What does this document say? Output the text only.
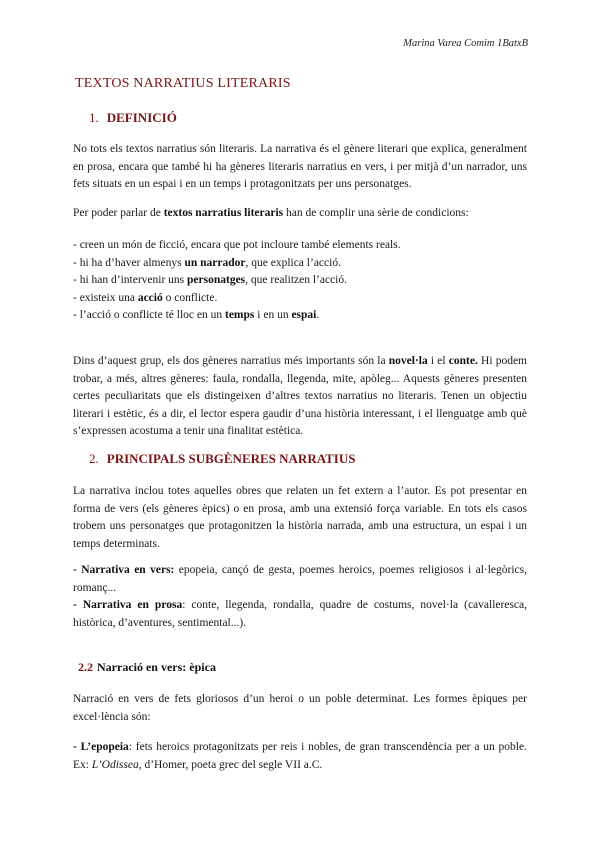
Marina Varea Comim 1BatxB
TEXTOS NARRATIUS LITERARIS
1. DEFINICIÓ
No tots els textos narratius són literaris. La narrativa és el gènere literari que explica, generalment en prosa, encara que també hi ha gèneres literaris narratius en vers, i per mitjà d’un narrador, uns fets situats en un espai i en un temps i protagonitzats per uns personatges.
Per poder parlar de textos narratius literaris han de complir una sèrie de condicions:
- creen un món de ficció, encara que pot incloure també elements reals.
- hi ha d’haver almenys un narrador, que explica l’acció.
- hi han d’intervenir uns personatges, que realitzen l’acció.
- existeix una acció o conflicte.
- l’acció o conflicte té lloc en un temps i en un espai.
Dins d’aquest grup, els dos gèneres narratius més importants són la novel·la i el conte. Hi podem trobar, a més, altres gèneres: faula, rondalla, llegenda, mite, apòleg... Aquests gèneres presenten certes peculiaritats que els distingeixen d’altres textos narratius no literaris. Tenen un objectiu literari i estètic, és a dir, el lector espera gaudir d’una història interessant, i el llenguatge amb què s’expressen acostuma a tenir una finalitat estètica.
2. PRINCIPALS SUBGÈNERES NARRATIUS
La narrativa inclou totes aquelles obres que relaten un fet extern a l’autor. Es pot presentar en forma de vers (els gèneres èpics) o en prosa, amb una extensió força variable. En tots els casos trobem uns personatges que protagonitzen la història narrada, amb una estructura, un espai i un temps determinats.
- Narrativa en vers: epopeia, cançó de gesta, poemes heroics, poemes religiosos i al·legòrics, romanç...
- Narrativa en prosa: conte, llegenda, rondalla, quadre de costums, novel·la (cavalleresca, històrica, d’aventures, sentimental...).
2.2 Narració en vers: èpica
Narració en vers de fets gloriosos d’un heroi o un poble determinat. Les formes èpiques per excel·lència són:
- L’epopeia: fets heroics protagonitzats per reis i nobles, de gran transcendència per a un poble. Ex: L’Odissea, d’Homer, poeta grec del segle VII a.C.
